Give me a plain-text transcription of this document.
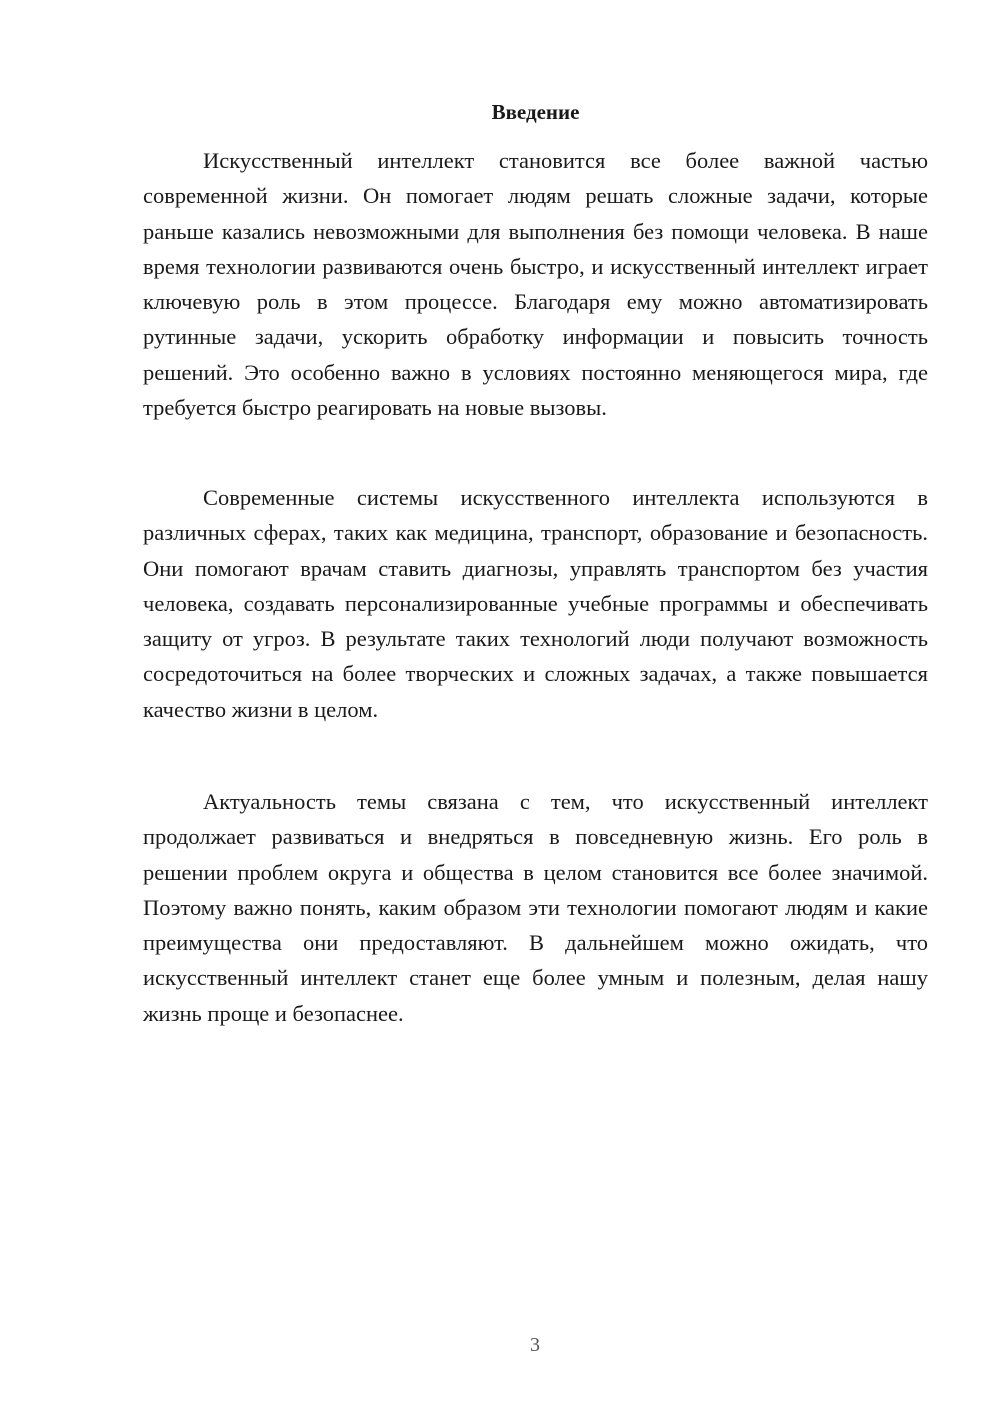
Введение

Искусственный интеллект становится все более важной частью современной жизни. Он помогает людям решать сложные задачи, которые раньше казались невозможными для выполнения без помощи человека. В наше время технологии развиваются очень быстро, и искусственный интеллект играет ключевую роль в этом процессе. Благодаря ему можно автоматизировать рутинные задачи, ускорить обработку информации и повысить точность решений. Это особенно важно в условиях постоянно меняющегося мира, где требуется быстро реагировать на новые вызовы.

Современные системы искусственного интеллекта используются в различных сферах, таких как медицина, транспорт, образование и безопасность. Они помогают врачам ставить диагнозы, управлять транспортом без участия человека, создавать персонализированные учебные программы и обеспечивать защиту от угроз. В результате таких технологий люди получают возможность сосредоточиться на более творческих и сложных задачах, а также повышается качество жизни в целом.

Актуальность темы связана с тем, что искусственный интеллект продолжает развиваться и внедряться в повседневную жизнь. Его роль в решении проблем округа и общества в целом становится все более значимой. Поэтому важно понять, каким образом эти технологии помогают людям и какие преимущества они предоставляют. В дальнейшем можно ожидать, что искусственный интеллект станет еще более умным и полезным, делая нашу жизнь проще и безопаснее.

3
